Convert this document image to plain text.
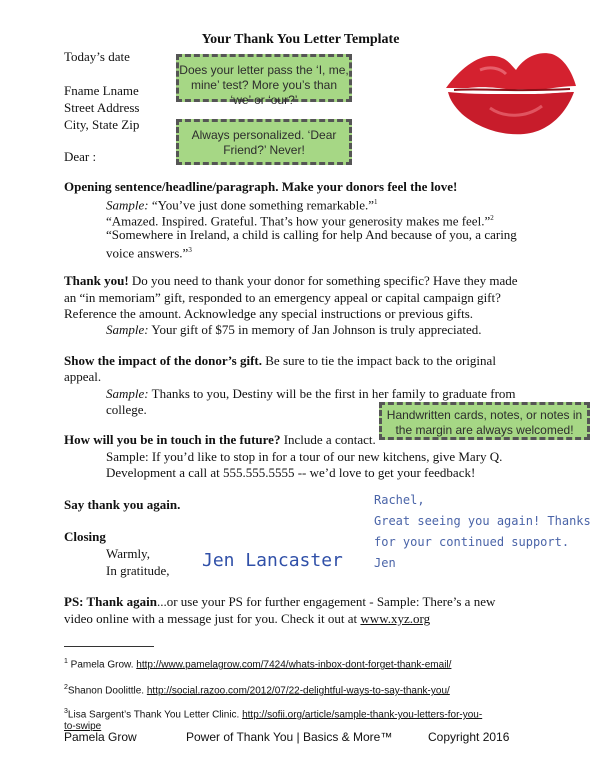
Your Thank You Letter Template
Today’s date
Fname Lname
Street Address
City, State Zip
Dear :
Does your letter pass the ‘I, me, mine’ test? More you’s than ‘we’ or ‘our?’
Always personalized. ‘Dear Friend?’ Never!
Opening sentence/headline/paragraph. Make your donors feel the love!
Sample: “You’ve just done something remarkable.”$^1$
“Amazed. Inspired. Grateful. That’s how your generosity makes me feel.”$^2$
“Somewhere in Ireland, a child is calling for help And because of you, a caring
voice answers.”$^3$
Thank you! Do you need to thank your donor for something specific? Have they made
an “in memoriam” gift, responded to an emergency appeal or capital campaign gift?
Reference the amount. Acknowledge any special instructions or previous gifts.
Sample: Your gift of $75 in memory of Jan Johnson is truly appreciated.
Show the impact of the donor’s gift. Be sure to tie the impact back to the original
appeal.
Sample: Thanks to you, Destiny will be the first in her family to graduate from
college.	Handwritten cards, notes, or notes in the margin are always welcomed!
How will you be in touch in the future? Include a contact.
Sample: If you’d like to stop in for a tour of our new kitchens, give Mary Q.
Development a call at 555.555.5555 -- we’d love to get your feedback!
Say thank you again.
Closing
Warmly,
In gratitude, Jen Lancaster
Rachel,
Great seeing you again! Thanks
for your continued support.
Jen
PS: Thank again...or use your PS for further engagement - Sample: There’s a new
video online with a message just for you. Check it out at www.xyz.org
$^1$ Pamela Grow. http://www.pamelagrow.com/7424/whats-inbox-dont-forget-thank-email/
$^2$Shanon Doolittle. http://social.razoo.com/2012/07/22-delightful-ways-to-say-thank-you/
$^3$Lisa Sargent’s Thank You Letter Clinic. http://sofii.org/article/sample-thank-you-letters-for-you-
to-swipe
Pamela Grow	Power of Thank You | Basics & More™	Copyright 2016
